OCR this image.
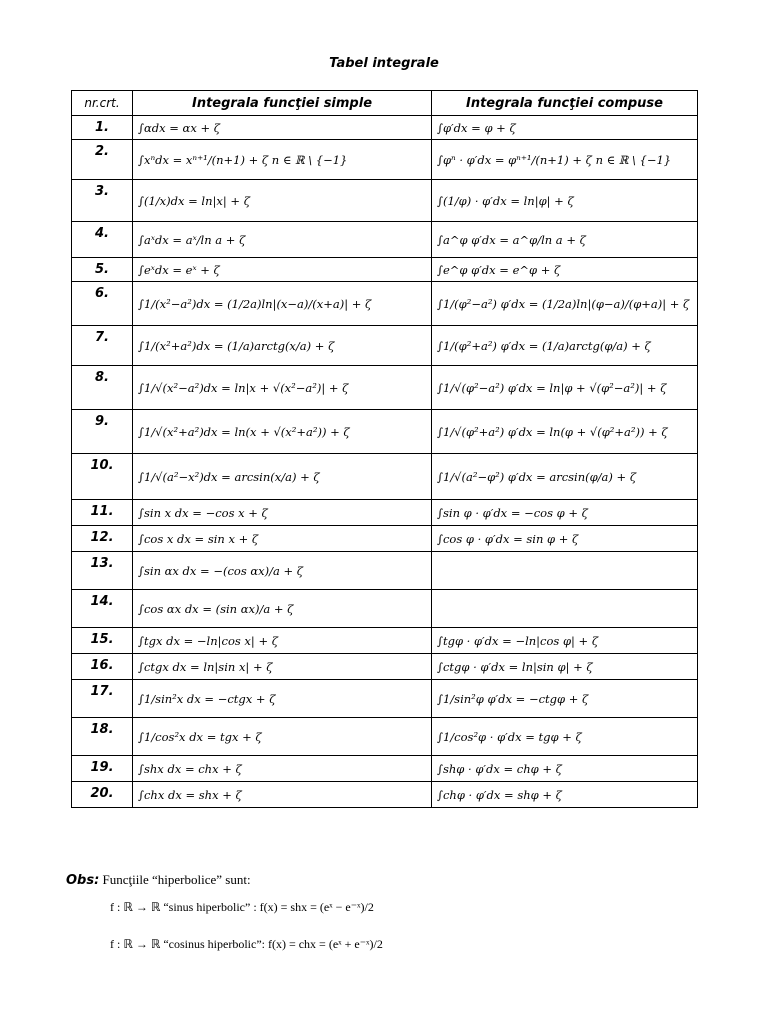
Tabel integrale
nr.crt.	Integrala funcţiei simple	Integrala funcţiei compuse
1.	∫αdx = αx + ζ	∫φ′dx = φ + ζ
2.	∫xⁿdx = xⁿ⁺¹/(n+1) + ζ n ∈ ℝ \ {−1}	∫φⁿ · φ′dx = φⁿ⁺¹/(n+1) + ζ n ∈ ℝ \ {−1}
3.	∫(1/x)dx = ln|x| + ζ	∫(1/φ) · φ′dx = ln|φ| + ζ
4.	∫aˣdx = aˣ/ln a + ζ	∫a^φ φ′dx = a^φ/ln a + ζ
5.	∫eˣdx = eˣ + ζ	∫e^φ φ′dx = e^φ + ζ
6.	∫1/(x²−a²)dx = (1/2a)ln|(x−a)/(x+a)| + ζ	∫1/(φ²−a²) φ′dx = (1/2a)ln|(φ−a)/(φ+a)| + ζ
7.	∫1/(x²+a²)dx = (1/a)arctg(x/a) + ζ	∫1/(φ²+a²) φ′dx = (1/a)arctg(φ/a) + ζ
8.	∫1/√(x²−a²)dx = ln|x + √(x²−a²)| + ζ	∫1/√(φ²−a²) φ′dx = ln|φ + √(φ²−a²)| + ζ
9.	∫1/√(x²+a²)dx = ln(x + √(x²+a²)) + ζ	∫1/√(φ²+a²) φ′dx = ln(φ + √(φ²+a²)) + ζ
10.	∫1/√(a²−x²)dx = arcsin(x/a) + ζ	∫1/√(a²−φ²) φ′dx = arcsin(φ/a) + ζ
11.	∫sin x dx = −cos x + ζ	∫sin φ · φ′dx = −cos φ + ζ
12.	∫cos x dx = sin x + ζ	∫cos φ · φ′dx = sin φ + ζ
13.	∫sin αx dx = −(cos αx)/a + ζ	
14.	∫cos αx dx = (sin αx)/a + ζ	
15.	∫tgx dx = −ln|cos x| + ζ	∫tgφ · φ′dx = −ln|cos φ| + ζ
16.	∫ctgx dx = ln|sin x| + ζ	∫ctgφ · φ′dx = ln|sin φ| + ζ
17.	∫1/sin²x dx = −ctgx + ζ	∫1/sin²φ φ′dx = −ctgφ + ζ
18.	∫1/cos²x dx = tgx + ζ	∫1/cos²φ · φ′dx = tgφ + ζ
19.	∫shx dx = chx + ζ	∫shφ · φ′dx = chφ + ζ
20.	∫chx dx = shx + ζ	∫chφ · φ′dx = shφ + ζ
Obs: Funcţiile “hiperbolice” sunt:
f : ℝ → ℝ “sinus hiperbolic” : f(x) = shx = (eˣ − e⁻ˣ)/2
f : ℝ → ℝ “cosinus hiperbolic”: f(x) = chx = (eˣ + e⁻ˣ)/2
